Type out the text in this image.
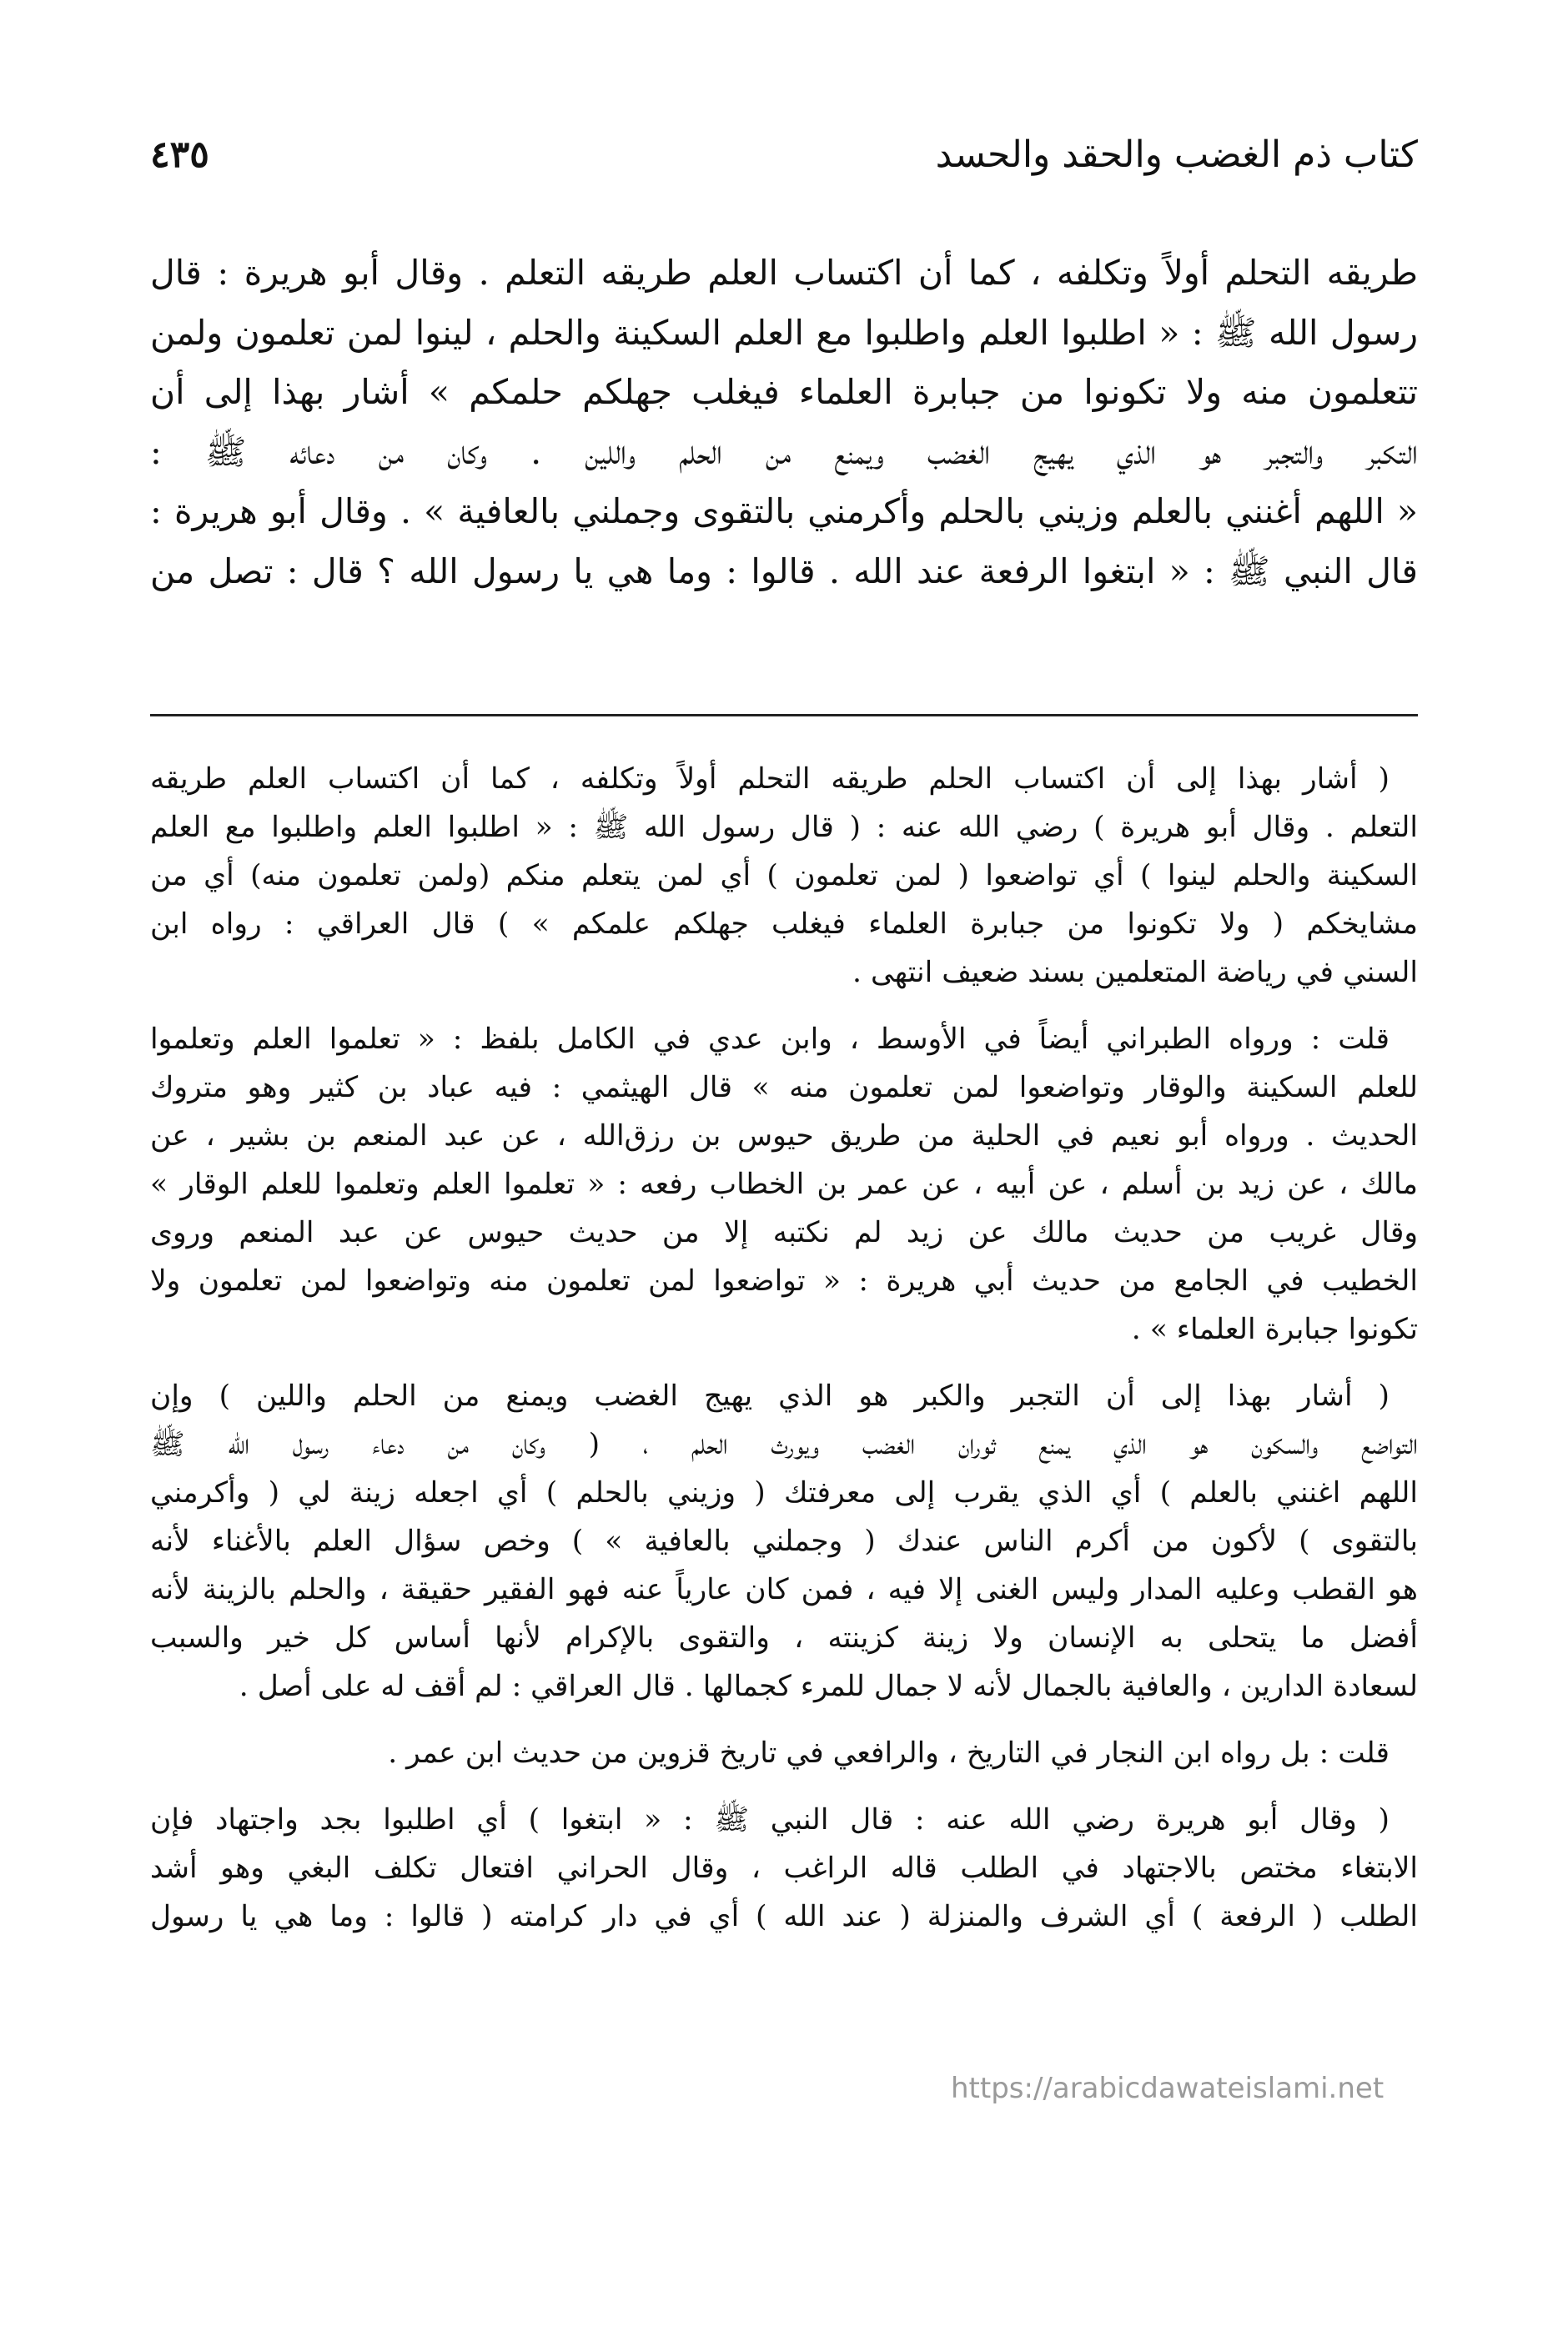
كتاب ذم الغضب والحقد والحسد
٤٣٥
طريقه التحلم أولاً وتكلفه ، كما أن اكتساب العلم طريقه التعلم . وقال أبو هريرة : قال
رسول الله ﷺ : « اطلبوا العلم واطلبوا مع العلم السكينة والحلم ، لينوا لمن تعلمون ولمن
تتعلمون منه ولا تكونوا من جبابرة العلماء فيغلب جهلكم حلمكم » أشار بهذا إلى أن
التكبر والتجبر هو الذي يهيج الغضب ويمنع من الحلم واللين . وكان من دعائه ﷺ :
« اللهم أغنني بالعلم وزيني بالحلم وأكرمني بالتقوى وجملني بالعافية » . وقال أبو هريرة :
قال النبي ﷺ : « ابتغوا الرفعة عند الله . قالوا : وما هي يا رسول الله ؟ قال : تصل من
( أشار بهذا إلى أن اكتساب الحلم طريقه التحلم أولاً وتكلفه ، كما أن اكتساب العلم طريقه
التعلم . وقال أبو هريرة ) رضي الله عنه : ( قال رسول الله ﷺ : « اطلبوا العلم واطلبوا مع العلم
السكينة والحلم لينوا ) أي تواضعوا ( لمن تعلمون ) أي لمن يتعلم منكم (ولمن تعلمون منه) أي من
مشايخكم ( ولا تكونوا من جبابرة العلماء فيغلب جهلكم علمكم » ) قال العراقي : رواه ابن
السني في رياضة المتعلمين بسند ضعيف انتهى .
قلت : ورواه الطبراني أيضاً في الأوسط ، وابن عدي في الكامل بلفظ : « تعلموا العلم وتعلموا
للعلم السكينة والوقار وتواضعوا لمن تعلمون منه » قال الهيثمي : فيه عباد بن كثير وهو متروك
الحديث . ورواه أبو نعيم في الحلية من طريق حيوس بن رزق‌الله ، عن عبد المنعم بن بشير ، عن
مالك ، عن زيد بن أسلم ، عن أبيه ، عن عمر بن الخطاب رفعه : « تعلموا العلم وتعلموا للعلم الوقار »
وقال غريب من حديث مالك عن زيد لم نكتبه إلا من حديث حيوس عن عبد المنعم وروى
الخطيب في الجامع من حديث أبي هريرة : « تواضعوا لمن تعلمون منه وتواضعوا لمن تعلمون ولا
تكونوا جبابرة العلماء » .
( أشار بهذا إلى أن التجبر والكبر هو الذي يهيج الغضب ويمنع من الحلم واللين ) وإن
التواضع والسكون هو الذي يمنع ثوران الغضب ويورث الحلم ، ( وكان من دعاء رسول الله ﷺ
اللهم اغنني بالعلم ) أي الذي يقرب إلى معرفتك ( وزيني بالحلم ) أي اجعله زينة لي ( وأكرمني
بالتقوى ) لأكون من أكرم الناس عندك ( وجملني بالعافية » ) وخص سؤال العلم بالأغناء لأنه
هو القطب وعليه المدار وليس الغنى إلا فيه ، فمن كان عارياً عنه فهو الفقير حقيقة ، والحلم بالزينة لأنه
أفضل ما يتحلى به الإنسان ولا زينة كزينته ، والتقوى بالإكرام لأنها أساس كل خير والسبب
لسعادة الدارين ، والعافية بالجمال لأنه لا جمال للمرء كجمالها . قال العراقي : لم أقف له على أصل .
قلت : بل رواه ابن النجار في التاريخ ، والرافعي في تاريخ قزوين من حديث ابن عمر .
( وقال أبو هريرة رضي الله عنه : قال النبي ﷺ : « ابتغوا ) أي اطلبوا بجد واجتهاد فإن
الابتغاء مختص بالاجتهاد في الطلب قاله الراغب ، وقال الحراني افتعال تكلف البغي وهو أشد
الطلب ( الرفعة ) أي الشرف والمنزلة ( عند الله ) أي في دار كرامته ( قالوا : وما هي يا رسول
https://arabicdawateislami.net
